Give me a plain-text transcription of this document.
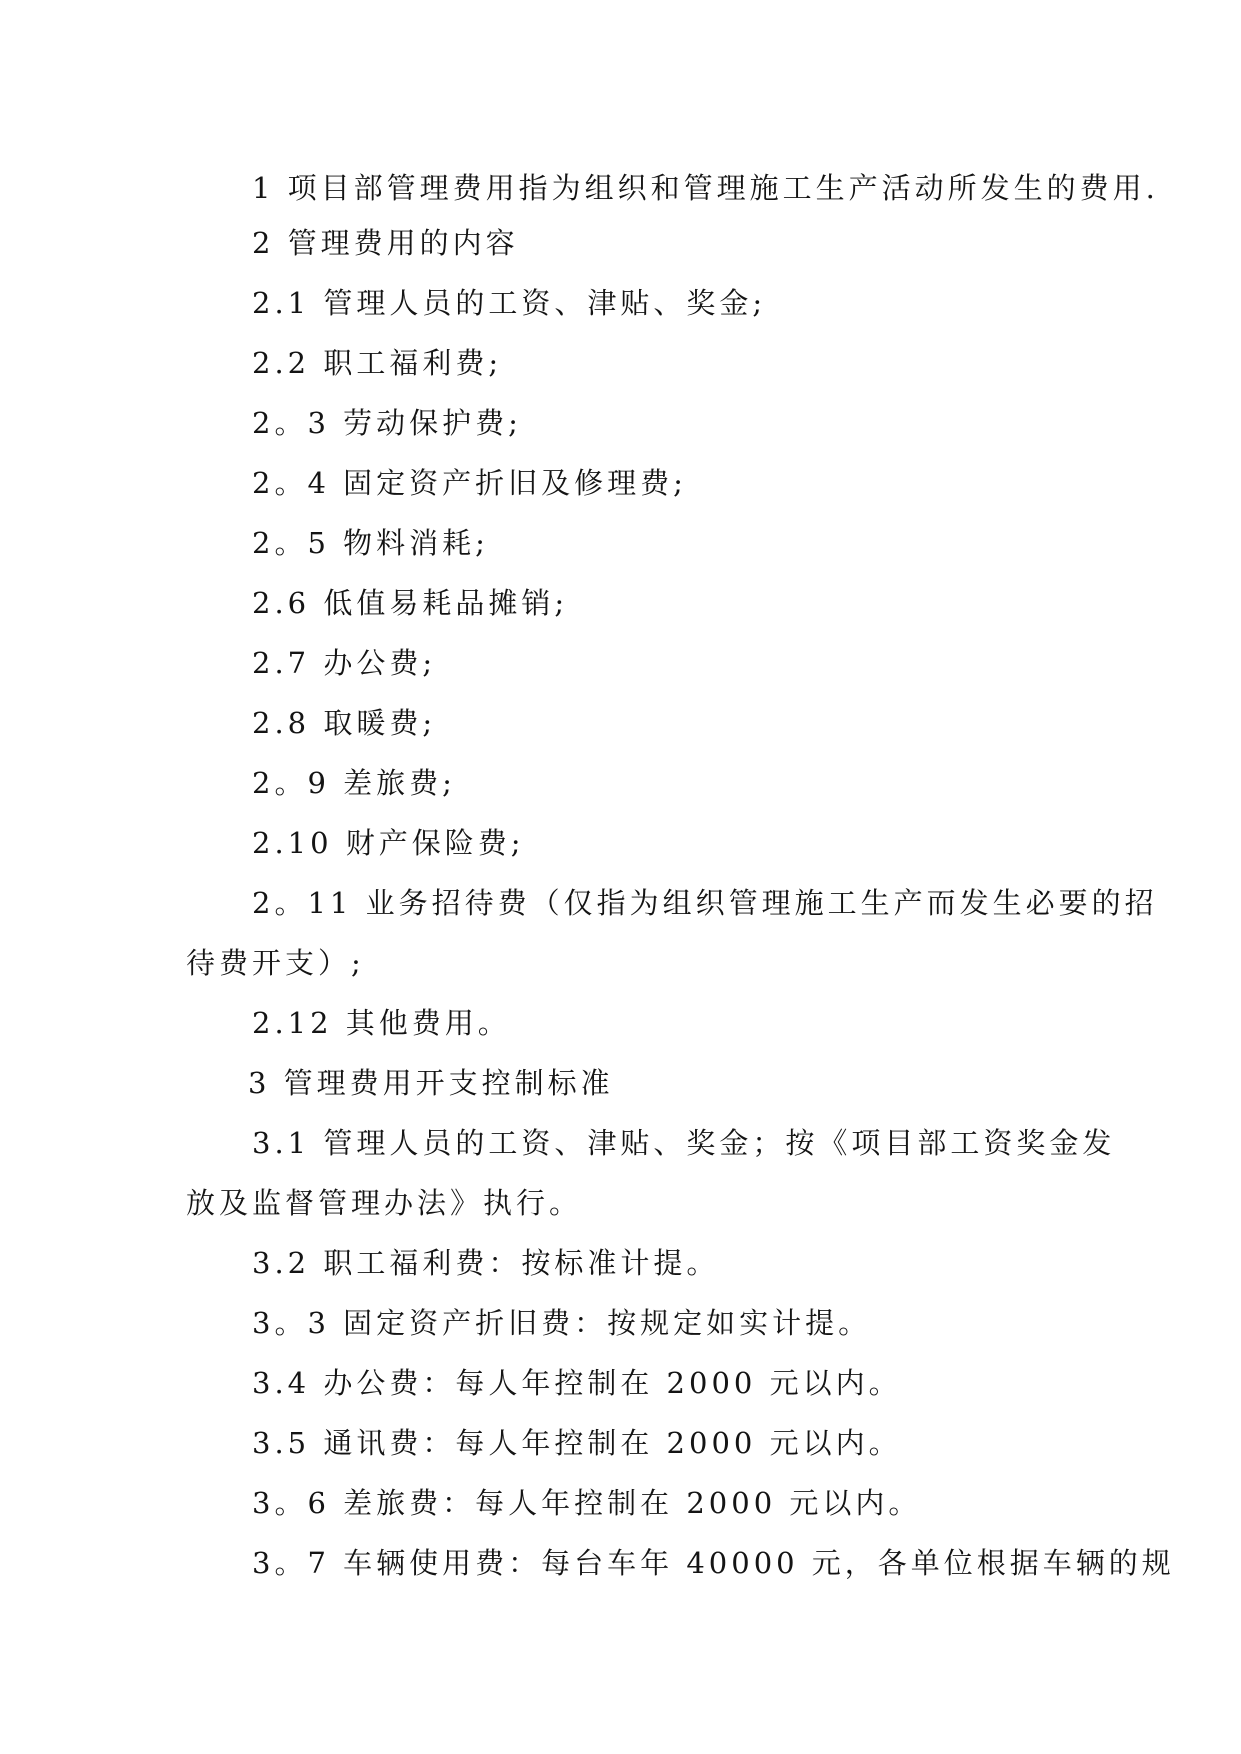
1 项目部管理费用指为组织和管理施工生产活动所发生的费用.
2 管理费用的内容
2.1 管理人员的工资、津贴、奖金;
2.2 职工福利费;
2。3 劳动保护费;
2。4 固定资产折旧及修理费;
2。5 物料消耗;
2.6 低值易耗品摊销;
2.7 办公费;
2.8 取暖费;
2。9 差旅费;
2.10 财产保险费;
2。11 业务招待费（仅指为组织管理施工生产而发生必要的招
待费开支）;
2.12 其他费用。
3 管理费用开支控制标准
3.1 管理人员的工资、津贴、奖金；按《项目部工资奖金发
放及监督管理办法》执行。
3.2 职工福利费：按标准计提。
3。3 固定资产折旧费：按规定如实计提。
3.4 办公费：每人年控制在 2000 元以内。
3.5 通讯费：每人年控制在 2000 元以内。
3。6 差旅费：每人年控制在 2000 元以内。
3。7 车辆使用费：每台车年 40000 元，各单位根据车辆的规
